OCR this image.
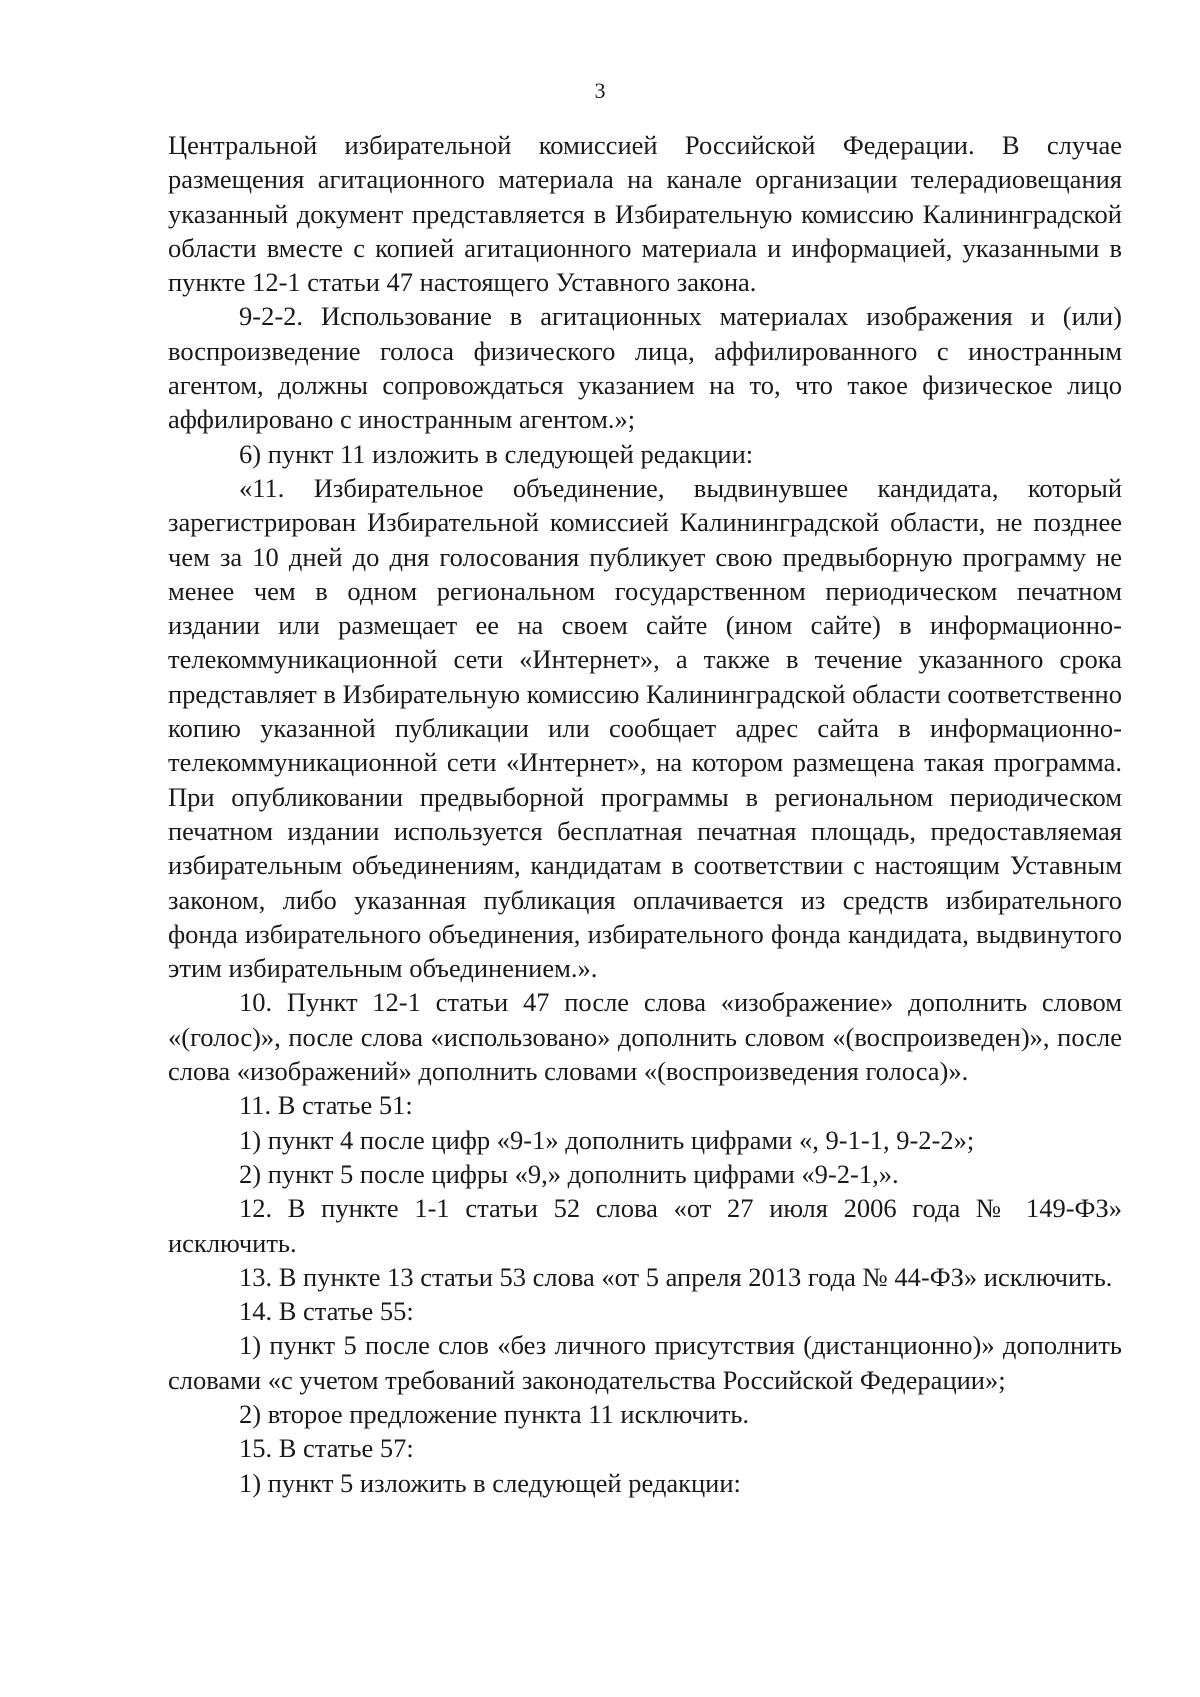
3

Центральной избирательной комиссией Российской Федерации. В случае размещения агитационного материала на канале организации телерадиовещания указанный документ представляется в Избирательную комиссию Калининградской области вместе с копией агитационного материала и информацией, указанными в пункте 12-1 статьи 47 настоящего Уставного закона.

9-2-2. Использование в агитационных материалах изображения и (или) воспроизведение голоса физического лица, аффилированного с иностранным агентом, должны сопровождаться указанием на то, что такое физическое лицо аффилировано с иностранным агентом.»;

6) пункт 11 изложить в следующей редакции:

«11. Избирательное объединение, выдвинувшее кандидата, который зарегистрирован Избирательной комиссией Калининградской области, не позднее чем за 10 дней до дня голосования публикует свою предвыборную программу не менее чем в одном региональном государственном периодическом печатном издании или размещает ее на своем сайте (ином сайте) в информационно-телекоммуникационной сети «Интернет», а также в течение указанного срока представляет в Избирательную комиссию Калининградской области соответственно копию указанной публикации или сообщает адрес сайта в информационно-телекоммуникационной сети «Интернет», на котором размещена такая программа. При опубликовании предвыборной программы в региональном периодическом печатном издании используется бесплатная печатная площадь, предоставляемая избирательным объединениям, кандидатам в соответствии с настоящим Уставным законом, либо указанная публикация оплачивается из средств избирательного фонда избирательного объединения, избирательного фонда кандидата, выдвинутого этим избирательным объединением.».

10. Пункт 12-1 статьи 47 после слова «изображение» дополнить словом «(голос)», после слова «использовано» дополнить словом «(воспроизведен)», после слова «изображений» дополнить словами «(воспроизведения голоса)».

11. В статье 51:

1) пункт 4 после цифр «9-1» дополнить цифрами «, 9-1-1, 9-2-2»;

2) пункт 5 после цифры «9,» дополнить цифрами «9-2-1,».

12. В пункте 1-1 статьи 52 слова «от 27 июля 2006 года № 149-ФЗ» исключить.

13. В пункте 13 статьи 53 слова «от 5 апреля 2013 года № 44-ФЗ» исключить.

14. В статье 55:

1) пункт 5 после слов «без личного присутствия (дистанционно)» дополнить словами «с учетом требований законодательства Российской Федерации»;

2) второе предложение пункта 11 исключить.

15. В статье 57:

1) пункт 5 изложить в следующей редакции:
